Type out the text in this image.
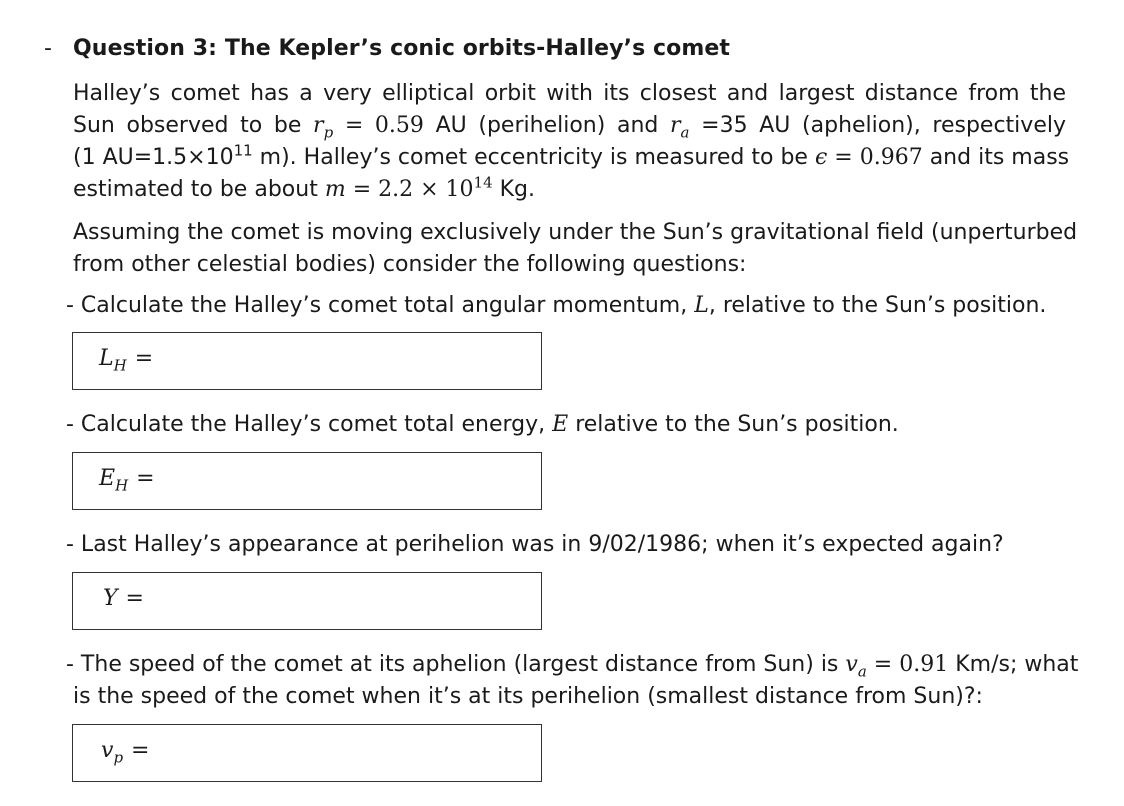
- Question 3: The Kepler’s conic orbits-Halley’s comet
Halley’s comet has a very elliptical orbit with its closest and largest distance from the
Sun observed to be $r_p = 0.59$ AU (perihelion) and $r_a =35$ AU (aphelion), respectively
(1 $AU=1.5\times 10^{11}$ m). Halley’s comet eccentricity is measured to be ϵ = 0.967 and its mass
estimated to be about $m = 2.2 \times 10^{14}$ Kg.
Assuming the comet is moving exclusively under the Sun’s gravitational field (unperturbed
from other celestial bodies) consider the following questions:
- Calculate the Halley’s comet total angular momentum, L, relative to the Sun’s position.
$L_H$ =
- Calculate the Halley’s comet total energy, E relative to the Sun’s position.
$E_H$ =
- Last Halley’s appearance at perihelion was in 9/02/1986; when it’s expected again?
Y =
- The speed of the comet at its aphelion (largest distance from Sun) is $v_a = 0.91$ Km/s; what
is the speed of the comet when it’s at its perihelion (smallest distance from Sun)?:
$v_p$ =
